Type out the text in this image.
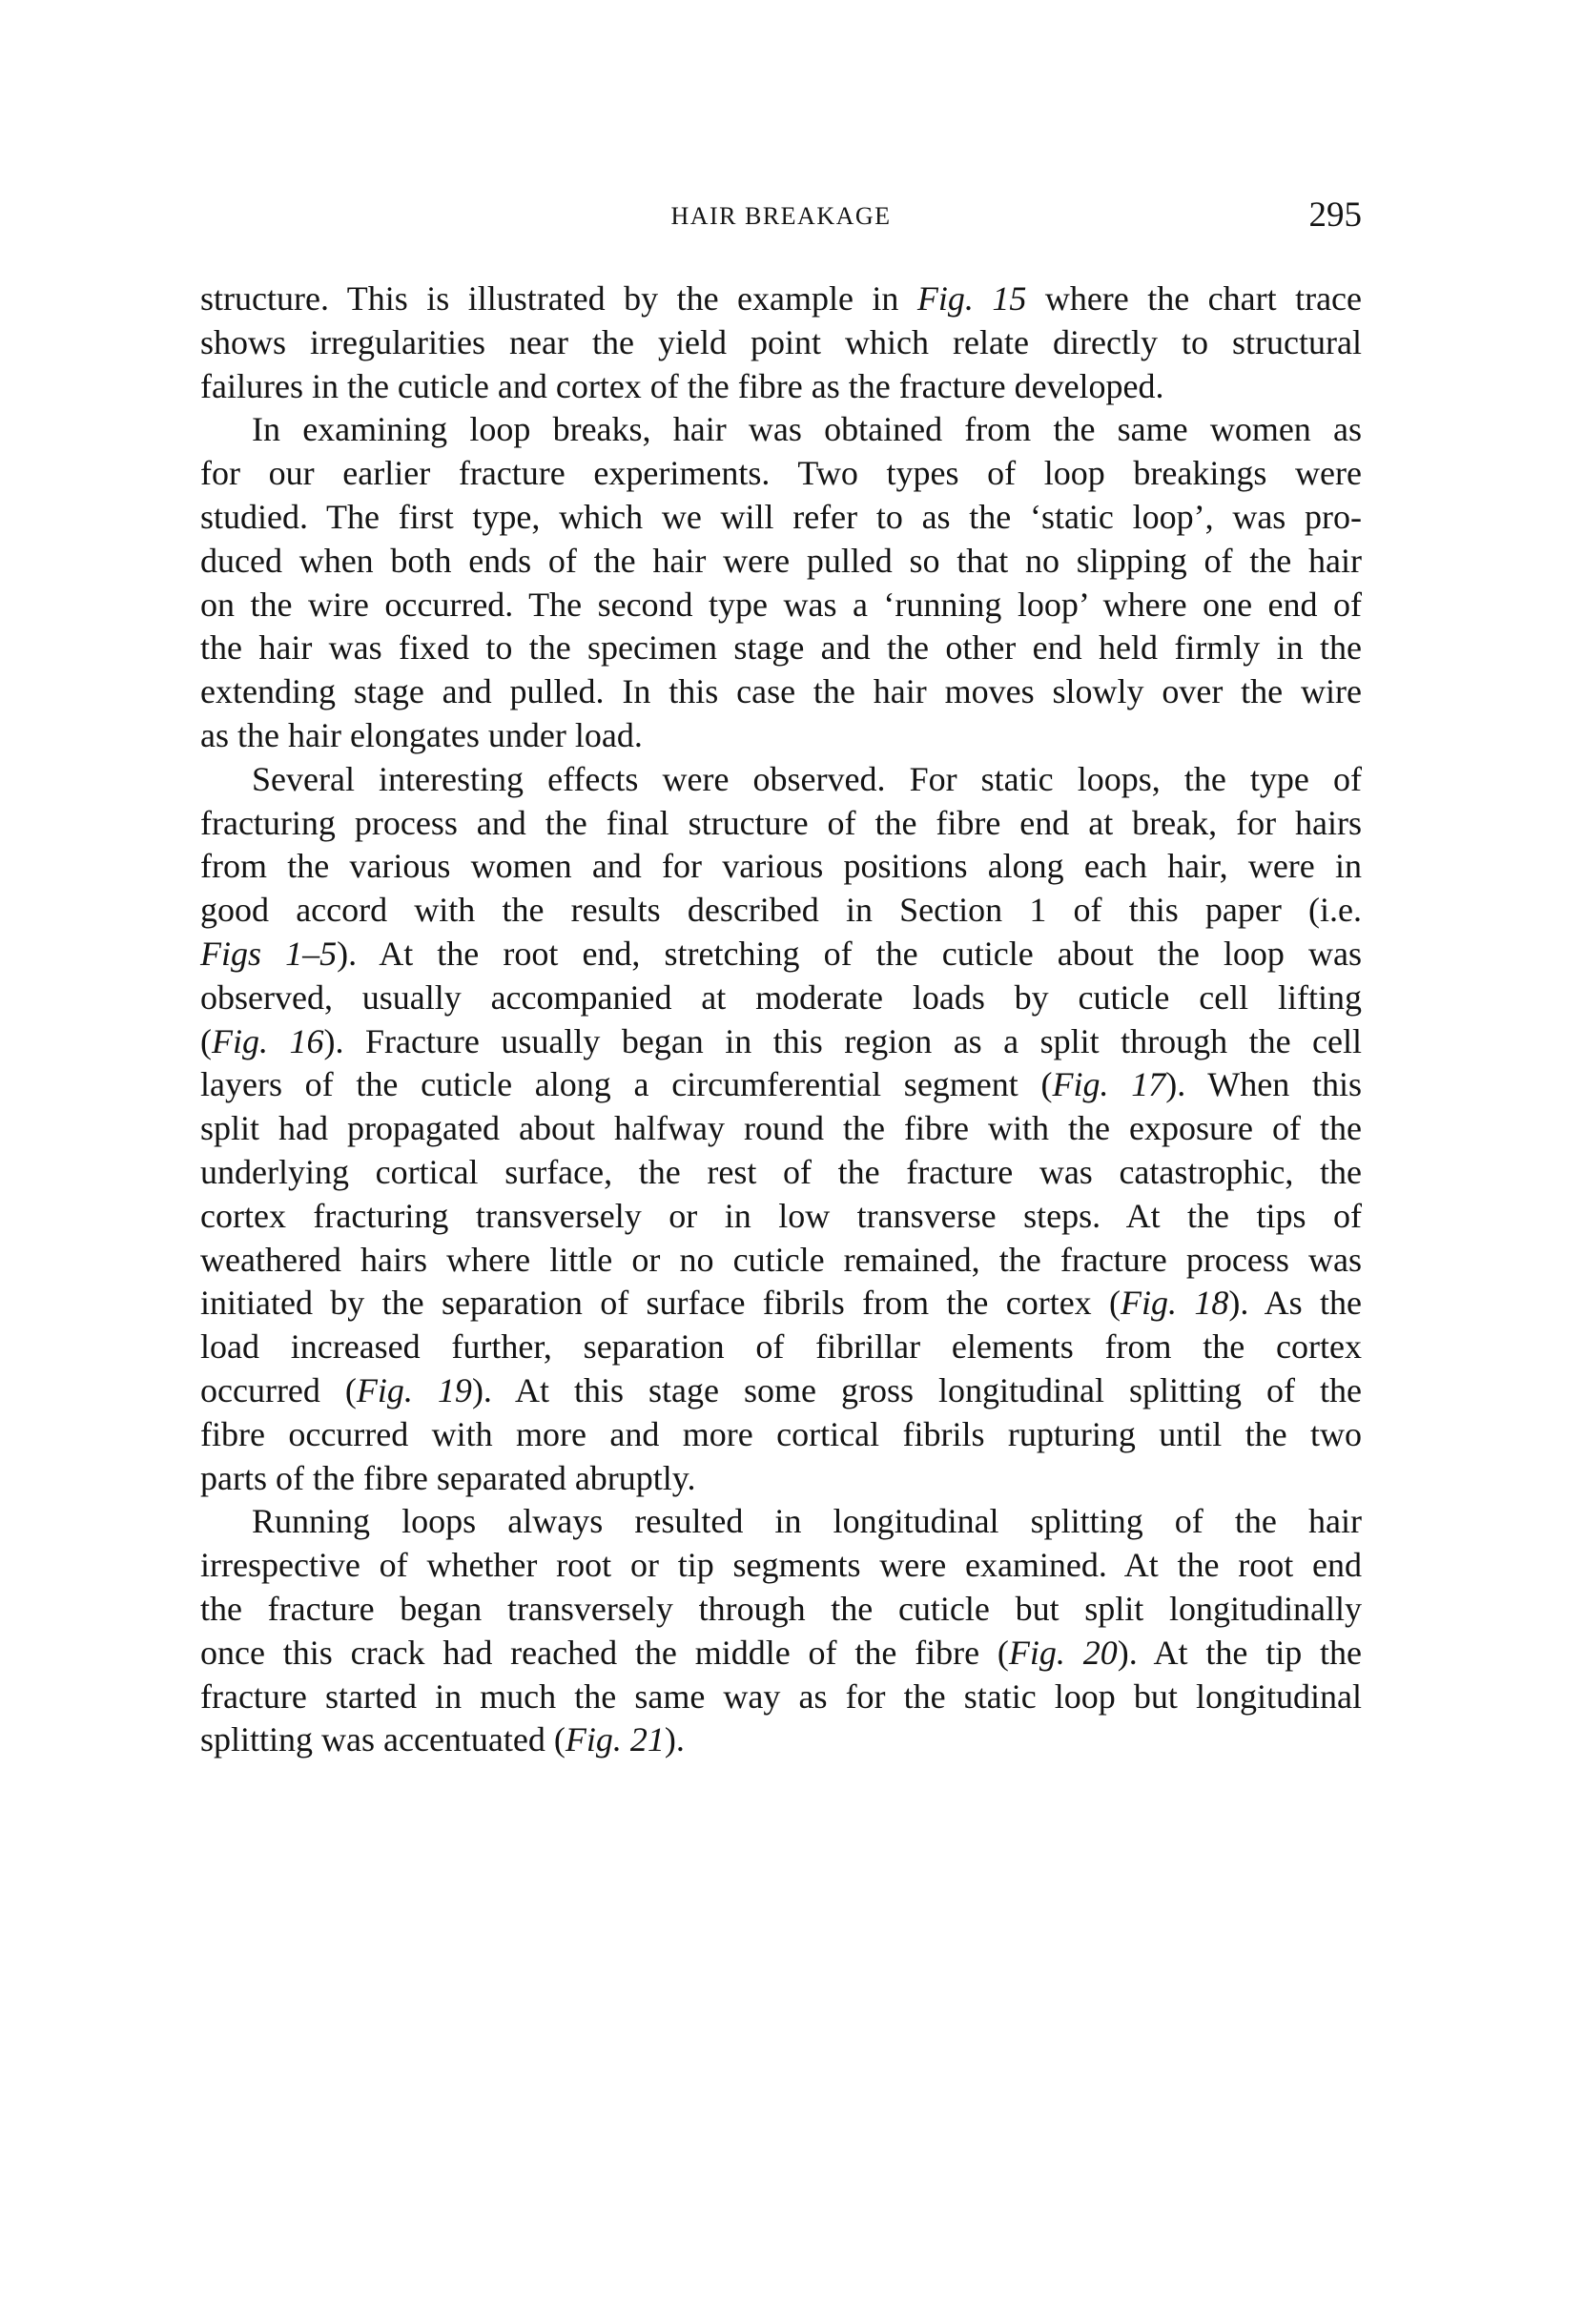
HAIR BREAKAGE	295

structure. This is illustrated by the example in Fig. 15 where the chart trace
shows irregularities near the yield point which relate directly to structural
failures in the cuticle and cortex of the fibre as the fracture developed.

In examining loop breaks, hair was obtained from the same women as
for our earlier fracture experiments. Two types of loop breakings were
studied. The first type, which we will refer to as the ‘static loop’, was pro-
duced when both ends of the hair were pulled so that no slipping of the hair
on the wire occurred. The second type was a ‘running loop’ where one end of
the hair was fixed to the specimen stage and the other end held firmly in the
extending stage and pulled. In this case the hair moves slowly over the wire
as the hair elongates under load.

Several interesting effects were observed. For static loops, the type of
fracturing process and the final structure of the fibre end at break, for hairs
from the various women and for various positions along each hair, were in
good accord with the results described in Section 1 of this paper (i.e.
Figs 1–5). At the root end, stretching of the cuticle about the loop was
observed, usually accompanied at moderate loads by cuticle cell lifting
(Fig. 16). Fracture usually began in this region as a split through the cell
layers of the cuticle along a circumferential segment (Fig. 17). When this
split had propagated about halfway round the fibre with the exposure of the
underlying cortical surface, the rest of the fracture was catastrophic, the
cortex fracturing transversely or in low transverse steps. At the tips of
weathered hairs where little or no cuticle remained, the fracture process was
initiated by the separation of surface fibrils from the cortex (Fig. 18). As the
load increased further, separation of fibrillar elements from the cortex
occurred (Fig. 19). At this stage some gross longitudinal splitting of the
fibre occurred with more and more cortical fibrils rupturing until the two
parts of the fibre separated abruptly.

Running loops always resulted in longitudinal splitting of the hair
irrespective of whether root or tip segments were examined. At the root end
the fracture began transversely through the cuticle but split longitudinally
once this crack had reached the middle of the fibre (Fig. 20). At the tip the
fracture started in much the same way as for the static loop but longitudinal
splitting was accentuated (Fig. 21).
